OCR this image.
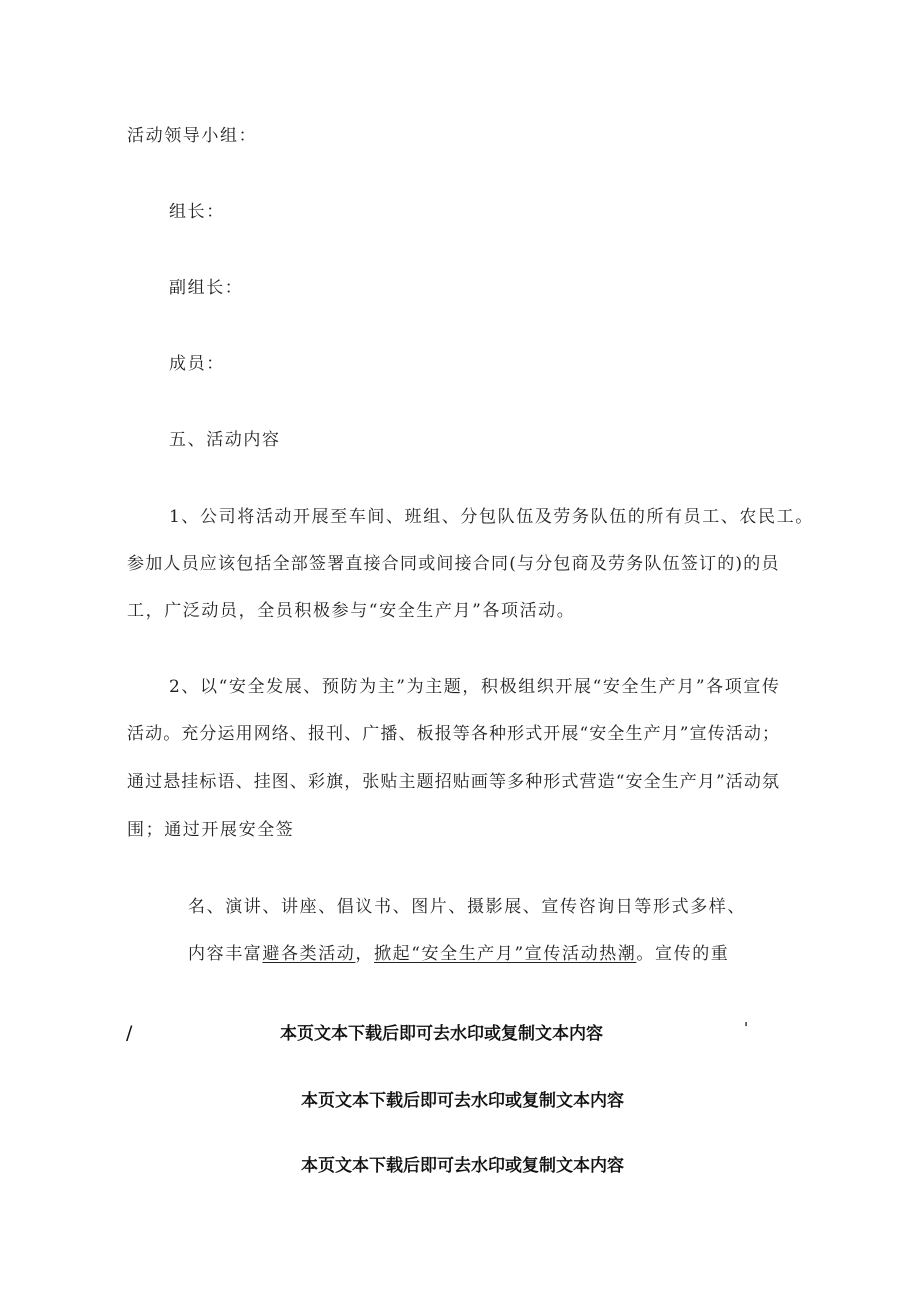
活动领导小组：
组长：
副组长：
成员：
五、活动内容
1、公司将活动开展至车间、班组、分包队伍及劳务队伍的所有员工、农民工。
参加人员应该包括全部签署直接合同或间接合同(与分包商及劳务队伍签订的)的员
工，广泛动员，全员积极参与“安全生产月”各项活动。
2、以“安全发展、预防为主”为主题，积极组织开展“安全生产月”各项宣传
活动。充分运用网络、报刊、广播、板报等各种形式开展“安全生产月”宣传活动；
通过悬挂标语、挂图、彩旗，张贴主题招贴画等多种形式营造“安全生产月”活动氛
围；通过开展安全签
名、演讲、讲座、倡议书、图片、摄影展、宣传咨询日等形式多样、
内容丰富避各类活动，掀起“安全生产月”宣传活动热潮。宣传的重
/	本页文本下载后即可去水印或复制文本内容	'
本页文本下载后即可去水印或复制文本内容
本页文本下载后即可去水印或复制文本内容
